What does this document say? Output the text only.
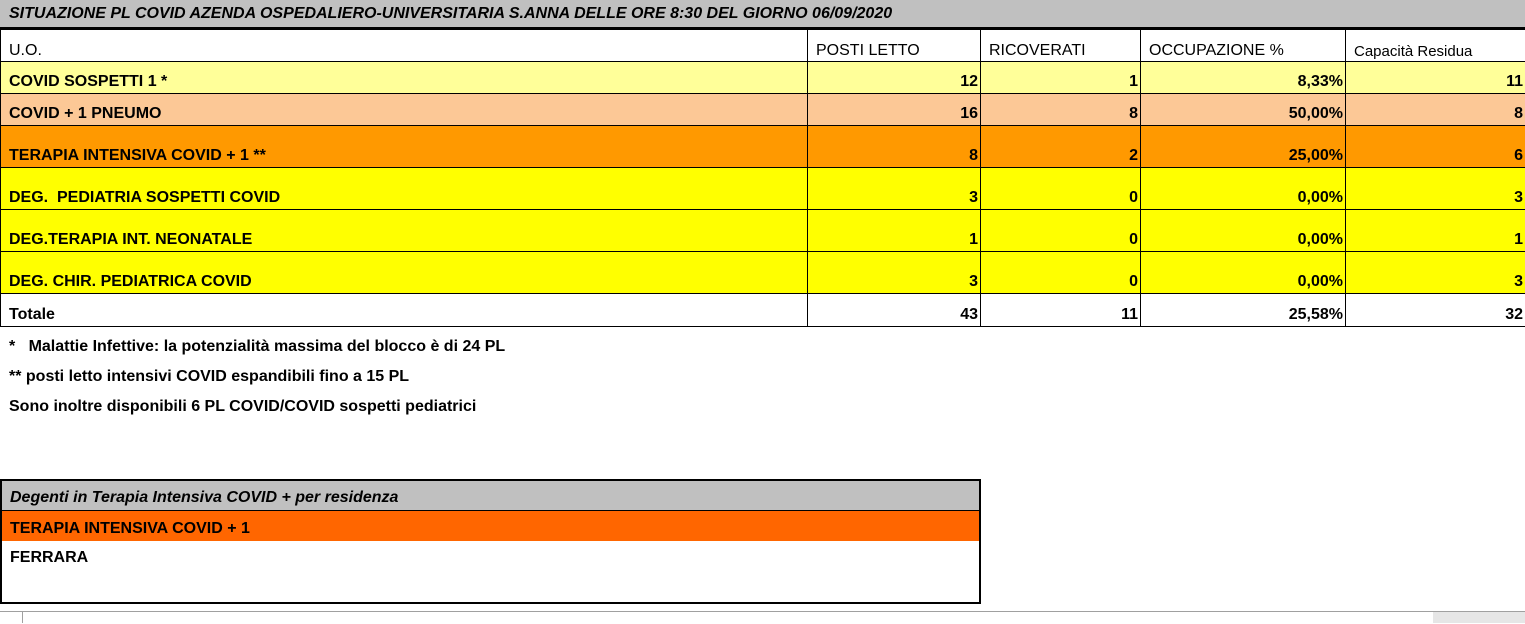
SITUAZIONE PL COVID AZENDA OSPEDALIERO-UNIVERSITARIA S.ANNA DELLE ORE 8:30 DEL GIORNO 06/09/2020
U.O.	POSTI LETTO	RICOVERATI	OCCUPAZIONE %	Capacità Residua
COVID SOSPETTI 1 *	12	1	8,33%	11
COVID + 1 PNEUMO	16	8	50,00%	8
TERAPIA INTENSIVA COVID + 1 **	8	2	25,00%	6
DEG.  PEDIATRIA SOSPETTI COVID	3	0	0,00%	3
DEG.TERAPIA INT. NEONATALE	1	0	0,00%	1
DEG. CHIR. PEDIATRICA COVID	3	0	0,00%	3
Totale	43	11	25,58%	32
*   Malattie Infettive: la potenzialità massima del blocco è di 24 PL
** posti letto intensivi COVID espandibili fino a 15 PL
Sono inoltre disponibili 6 PL COVID/COVID sospetti pediatrici
Degenti in Terapia Intensiva COVID + per residenza
TERAPIA INTENSIVA COVID + 1
FERRARA
